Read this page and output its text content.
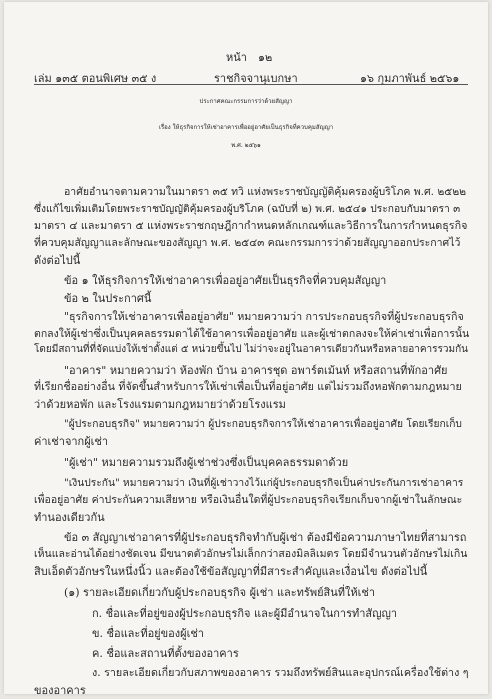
หน้า ๑๒
เล่ม ๑๓๕ ตอนพิเศษ ๓๕ ง	ราชกิจจานุเบกษา	๑๖ กุมภาพันธ์ ๒๕๖๑
ประกาศคณะกรรมการว่าด้วยสัญญา
เรื่อง ให้ธุรกิจการให้เช่าอาคารเพื่ออยู่อาศัยเป็นธุรกิจที่ควบคุมสัญญา
พ.ศ. ๒๕๖๑
อาศัยอำนาจตามความในมาตรา ๓๕ ทวิ แห่งพระราชบัญญัติคุ้มครองผู้บริโภค พ.ศ. ๒๕๒๒
ซึ่งแก้ไขเพิ่มเติมโดยพระราชบัญญัติคุ้มครองผู้บริโภค (ฉบับที่ ๒) พ.ศ. ๒๕๔๑ ประกอบกับมาตรา ๓
มาตรา ๔ และมาตรา ๕ แห่งพระราชกฤษฎีกากำหนดหลักเกณฑ์และวิธีการในการกำหนดธุรกิจ
ที่ควบคุมสัญญาและลักษณะของสัญญา พ.ศ. ๒๕๔๓ คณะกรรมการว่าด้วยสัญญาออกประกาศไว้
ดังต่อไปนี้
ข้อ ๑ ให้ธุรกิจการให้เช่าอาคารเพื่ออยู่อาศัยเป็นธุรกิจที่ควบคุมสัญญา
ข้อ ๒ ในประกาศนี้
"ธุรกิจการให้เช่าอาคารเพื่ออยู่อาศัย" หมายความว่า การประกอบธุรกิจที่ผู้ประกอบธุรกิจ
ตกลงให้ผู้เช่าซึ่งเป็นบุคคลธรรมดาได้ใช้อาคารเพื่ออยู่อาศัย และผู้เช่าตกลงจะให้ค่าเช่าเพื่อการนั้น
โดยมีสถานที่ที่จัดแบ่งให้เช่าตั้งแต่ ๕ หน่วยขึ้นไป ไม่ว่าจะอยู่ในอาคารเดียวกันหรือหลายอาคารรวมกัน
"อาคาร" หมายความว่า ห้องพัก บ้าน อาคารชุด อพาร์ตเม้นท์ หรือสถานที่พักอาศัย
ที่เรียกชื่ออย่างอื่น ที่จัดขึ้นสำหรับการให้เช่าเพื่อเป็นที่อยู่อาศัย แต่ไม่รวมถึงหอพักตามกฎหมาย
ว่าด้วยหอพัก และโรงแรมตามกฎหมายว่าด้วยโรงแรม
"ผู้ประกอบธุรกิจ" หมายความว่า ผู้ประกอบธุรกิจการให้เช่าอาคารเพื่ออยู่อาศัย โดยเรียกเก็บ
ค่าเช่าจากผู้เช่า
"ผู้เช่า" หมายความรวมถึงผู้เช่าช่วงซึ่งเป็นบุคคลธรรมดาด้วย
"เงินประกัน" หมายความว่า เงินที่ผู้เช่าวางไว้แก่ผู้ประกอบธุรกิจเป็นค่าประกันการเช่าอาคาร
เพื่ออยู่อาศัย ค่าประกันความเสียหาย หรือเงินอื่นใดที่ผู้ประกอบธุรกิจเรียกเก็บจากผู้เช่าในลักษณะ
ทำนองเดียวกัน
ข้อ ๓ สัญญาเช่าอาคารที่ผู้ประกอบธุรกิจทำกับผู้เช่า ต้องมีข้อความภาษาไทยที่สามารถ
เห็นและอ่านได้อย่างชัดเจน มีขนาดตัวอักษรไม่เล็กกว่าสองมิลลิเมตร โดยมีจำนวนตัวอักษรไม่เกิน
สิบเอ็ดตัวอักษรในหนึ่งนิ้ว และต้องใช้ข้อสัญญาที่มีสาระสำคัญและเงื่อนไข ดังต่อไปนี้
(๑) รายละเอียดเกี่ยวกับผู้ประกอบธุรกิจ ผู้เช่า และทรัพย์สินที่ให้เช่า
ก. ชื่อและที่อยู่ของผู้ประกอบธุรกิจ และผู้มีอำนาจในการทำสัญญา
ข. ชื่อและที่อยู่ของผู้เช่า
ค. ชื่อและสถานที่ตั้งของอาคาร
ง. รายละเอียดเกี่ยวกับสภาพของอาคาร รวมถึงทรัพย์สินและอุปกรณ์เครื่องใช้ต่าง ๆ
ของอาคาร
